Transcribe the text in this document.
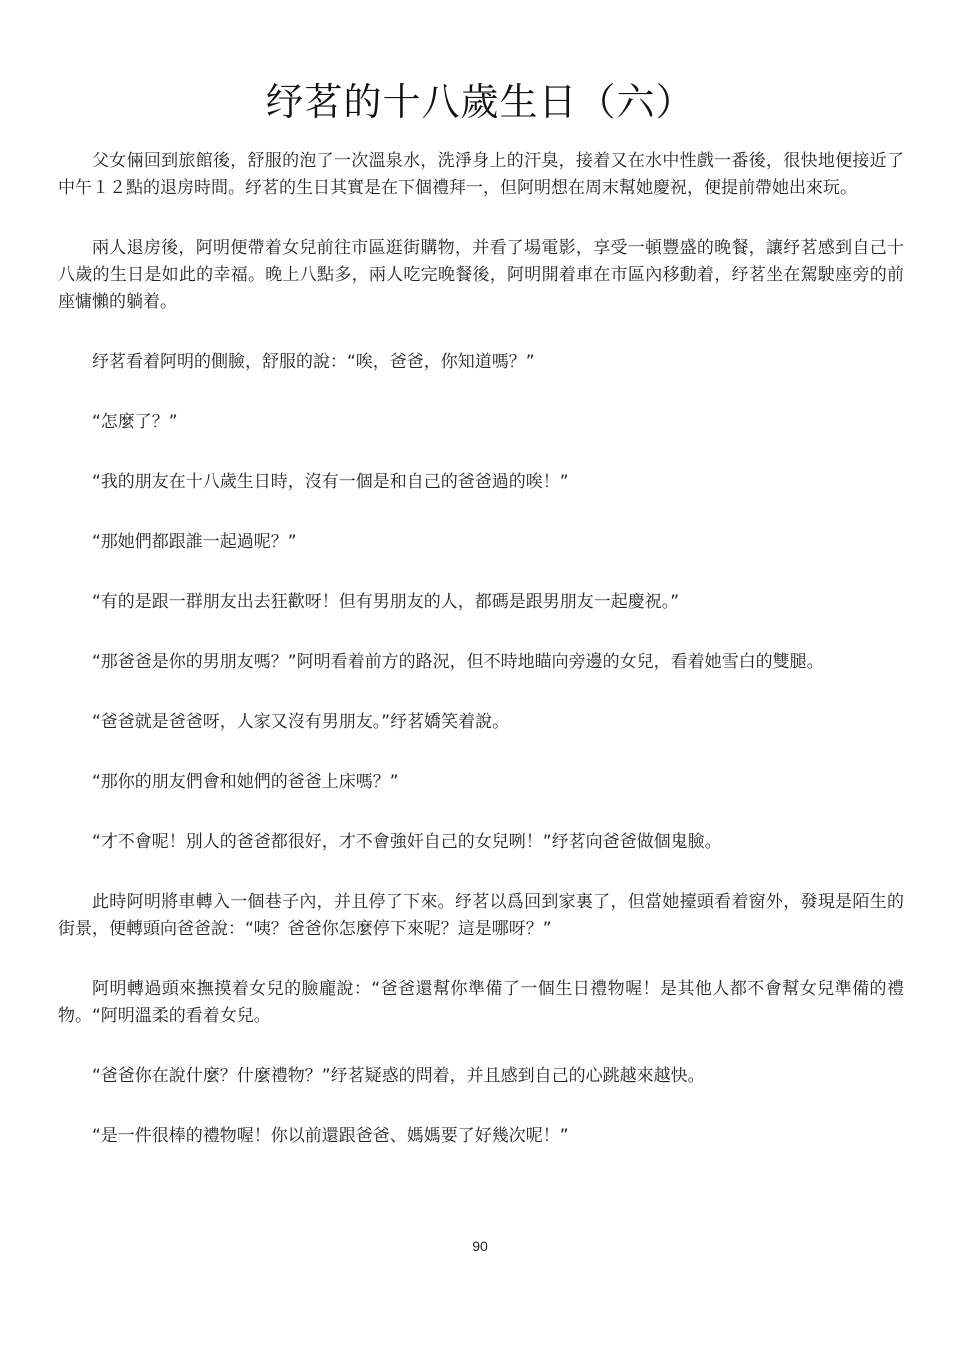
纾茗的十八歲生日（六）

父女倆回到旅館後，舒服的泡了一次溫泉水，洗淨身上的汗臭，接着又在水中性戲一番後，很快地便接近了中午１２點的退房時間。纾茗的生日其實是在下個禮拜一，但阿明想在周末幫她慶祝，便提前帶她出來玩。

兩人退房後，阿明便帶着女兒前往市區逛街購物，并看了場電影，享受一頓豐盛的晚餐，讓纾茗感到自己十八歲的生日是如此的幸福。晚上八點多，兩人吃完晚餐後，阿明開着車在市區內移動着，纾茗坐在駕駛座旁的前座慵懶的躺着。

纾茗看着阿明的側臉，舒服的說：“唉，爸爸，你知道嗎？”

“怎麼了？”

“我的朋友在十八歲生日時，沒有一個是和自己的爸爸過的唉！”

“那她們都跟誰一起過呢？”

“有的是跟一群朋友出去狂歡呀！但有男朋友的人，都碼是跟男朋友一起慶祝。”

“那爸爸是你的男朋友嗎？”阿明看着前方的路況，但不時地瞄向旁邊的女兒，看着她雪白的雙腿。

“爸爸就是爸爸呀，人家又沒有男朋友。”纾茗嬌笑着說。

“那你的朋友們會和她們的爸爸上床嗎？”

“才不會呢！別人的爸爸都很好，才不會強奸自己的女兒咧！”纾茗向爸爸做個鬼臉。

此時阿明將車轉入一個巷子內，并且停了下來。纾茗以爲回到家裏了，但當她擡頭看着窗外，發現是陌生的街景，便轉頭向爸爸說：“咦？爸爸你怎麼停下來呢？這是哪呀？”

阿明轉過頭來撫摸着女兒的臉龐說：“爸爸還幫你準備了一個生日禮物喔！是其他人都不會幫女兒準備的禮物。“阿明溫柔的看着女兒。

“爸爸你在說什麼？什麼禮物？”纾茗疑惑的問着，并且感到自己的心跳越來越快。

“是一件很棒的禮物喔！你以前還跟爸爸、媽媽要了好幾次呢！”

90
